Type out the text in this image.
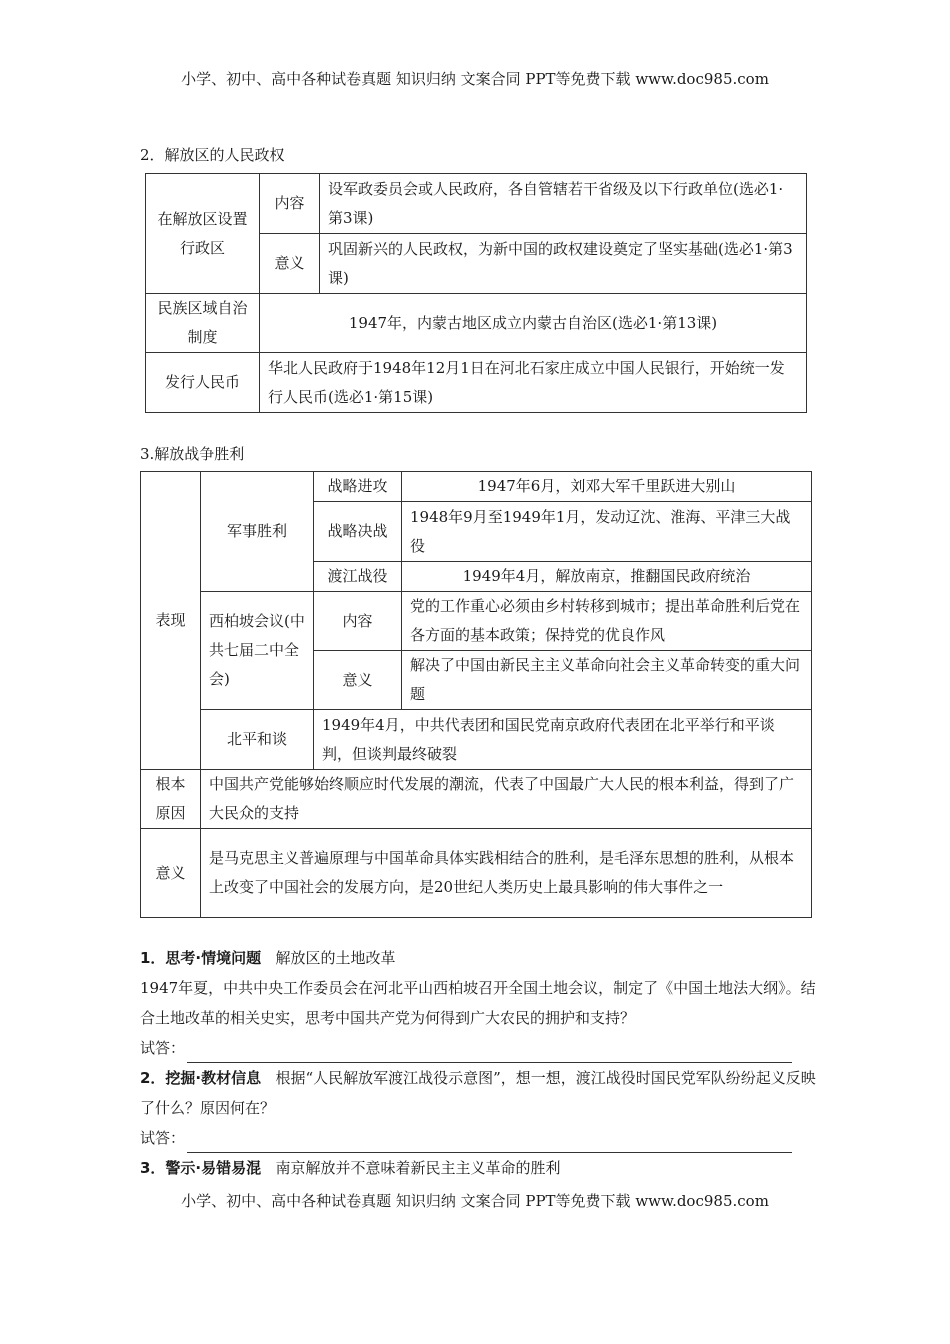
小学、初中、高中各种试卷真题 知识归纳 文案合同 PPT等免费下载 www.doc985.com
2．解放区的人民政权
在解放区设置行政区	内容	设军政委员会或人民政府，各自管辖若干省级及以下行政单位(选必1·第3课)
	意义	巩固新兴的人民政权，为新中国的政权建设奠定了坚实基础(选必1·第3课)
民族区域自治制度	1947年，内蒙古地区成立内蒙古自治区(选必1·第13课)	
发行人民币	华北人民政府于1948年12月1日在河北石家庄成立中国人民银行，开始统一发行人民币(选必1·第15课)	
3.解放战争胜利
表现	军事胜利	战略进攻	1947年6月，刘邓大军千里跃进大别山
		战略决战	1948年9月至1949年1月，发动辽沈、淮海、平津三大战役
		渡江战役	1949年4月，解放南京，推翻国民政府统治
	西柏坡会议(中共七届二中全会)	内容	党的工作重心必须由乡村转移到城市；提出革命胜利后党在各方面的基本政策；保持党的优良作风
		意义	解决了中国由新民主主义革命向社会主义革命转变的重大问题
	北平和谈	1949年4月，中共代表团和国民党南京政府代表团在北平举行和平谈判，但谈判最终破裂	

根本原因	中国共产党能够始终顺应时代发展的潮流，代表了中国最广大人民的根本利益，得到了广大民众的支持		
意义	是马克思主义普遍原理与中国革命具体实践相结合的胜利，是毛泽东思想的胜利，从根本上改变了中国社会的发展方向，是20世纪人类历史上最具影响的伟大事件之一		
1．思考·情境问题 解放区的土地改革
1947年夏，中共中央工作委员会在河北平山西柏坡召开全国土地会议，制定了《中国土地法大纲》。结合土地改革的相关史实，思考中国共产党为何得到广大农民的拥护和支持？
试答：
2．挖掘·教材信息 根据“人民解放军渡江战役示意图”，想一想，渡江战役时国民党军队纷纷起义反映了什么？原因何在？
试答：
3．警示·易错易混 南京解放并不意味着新民主主义革命的胜利
小学、初中、高中各种试卷真题 知识归纳 文案合同 PPT等免费下载 www.doc985.com
